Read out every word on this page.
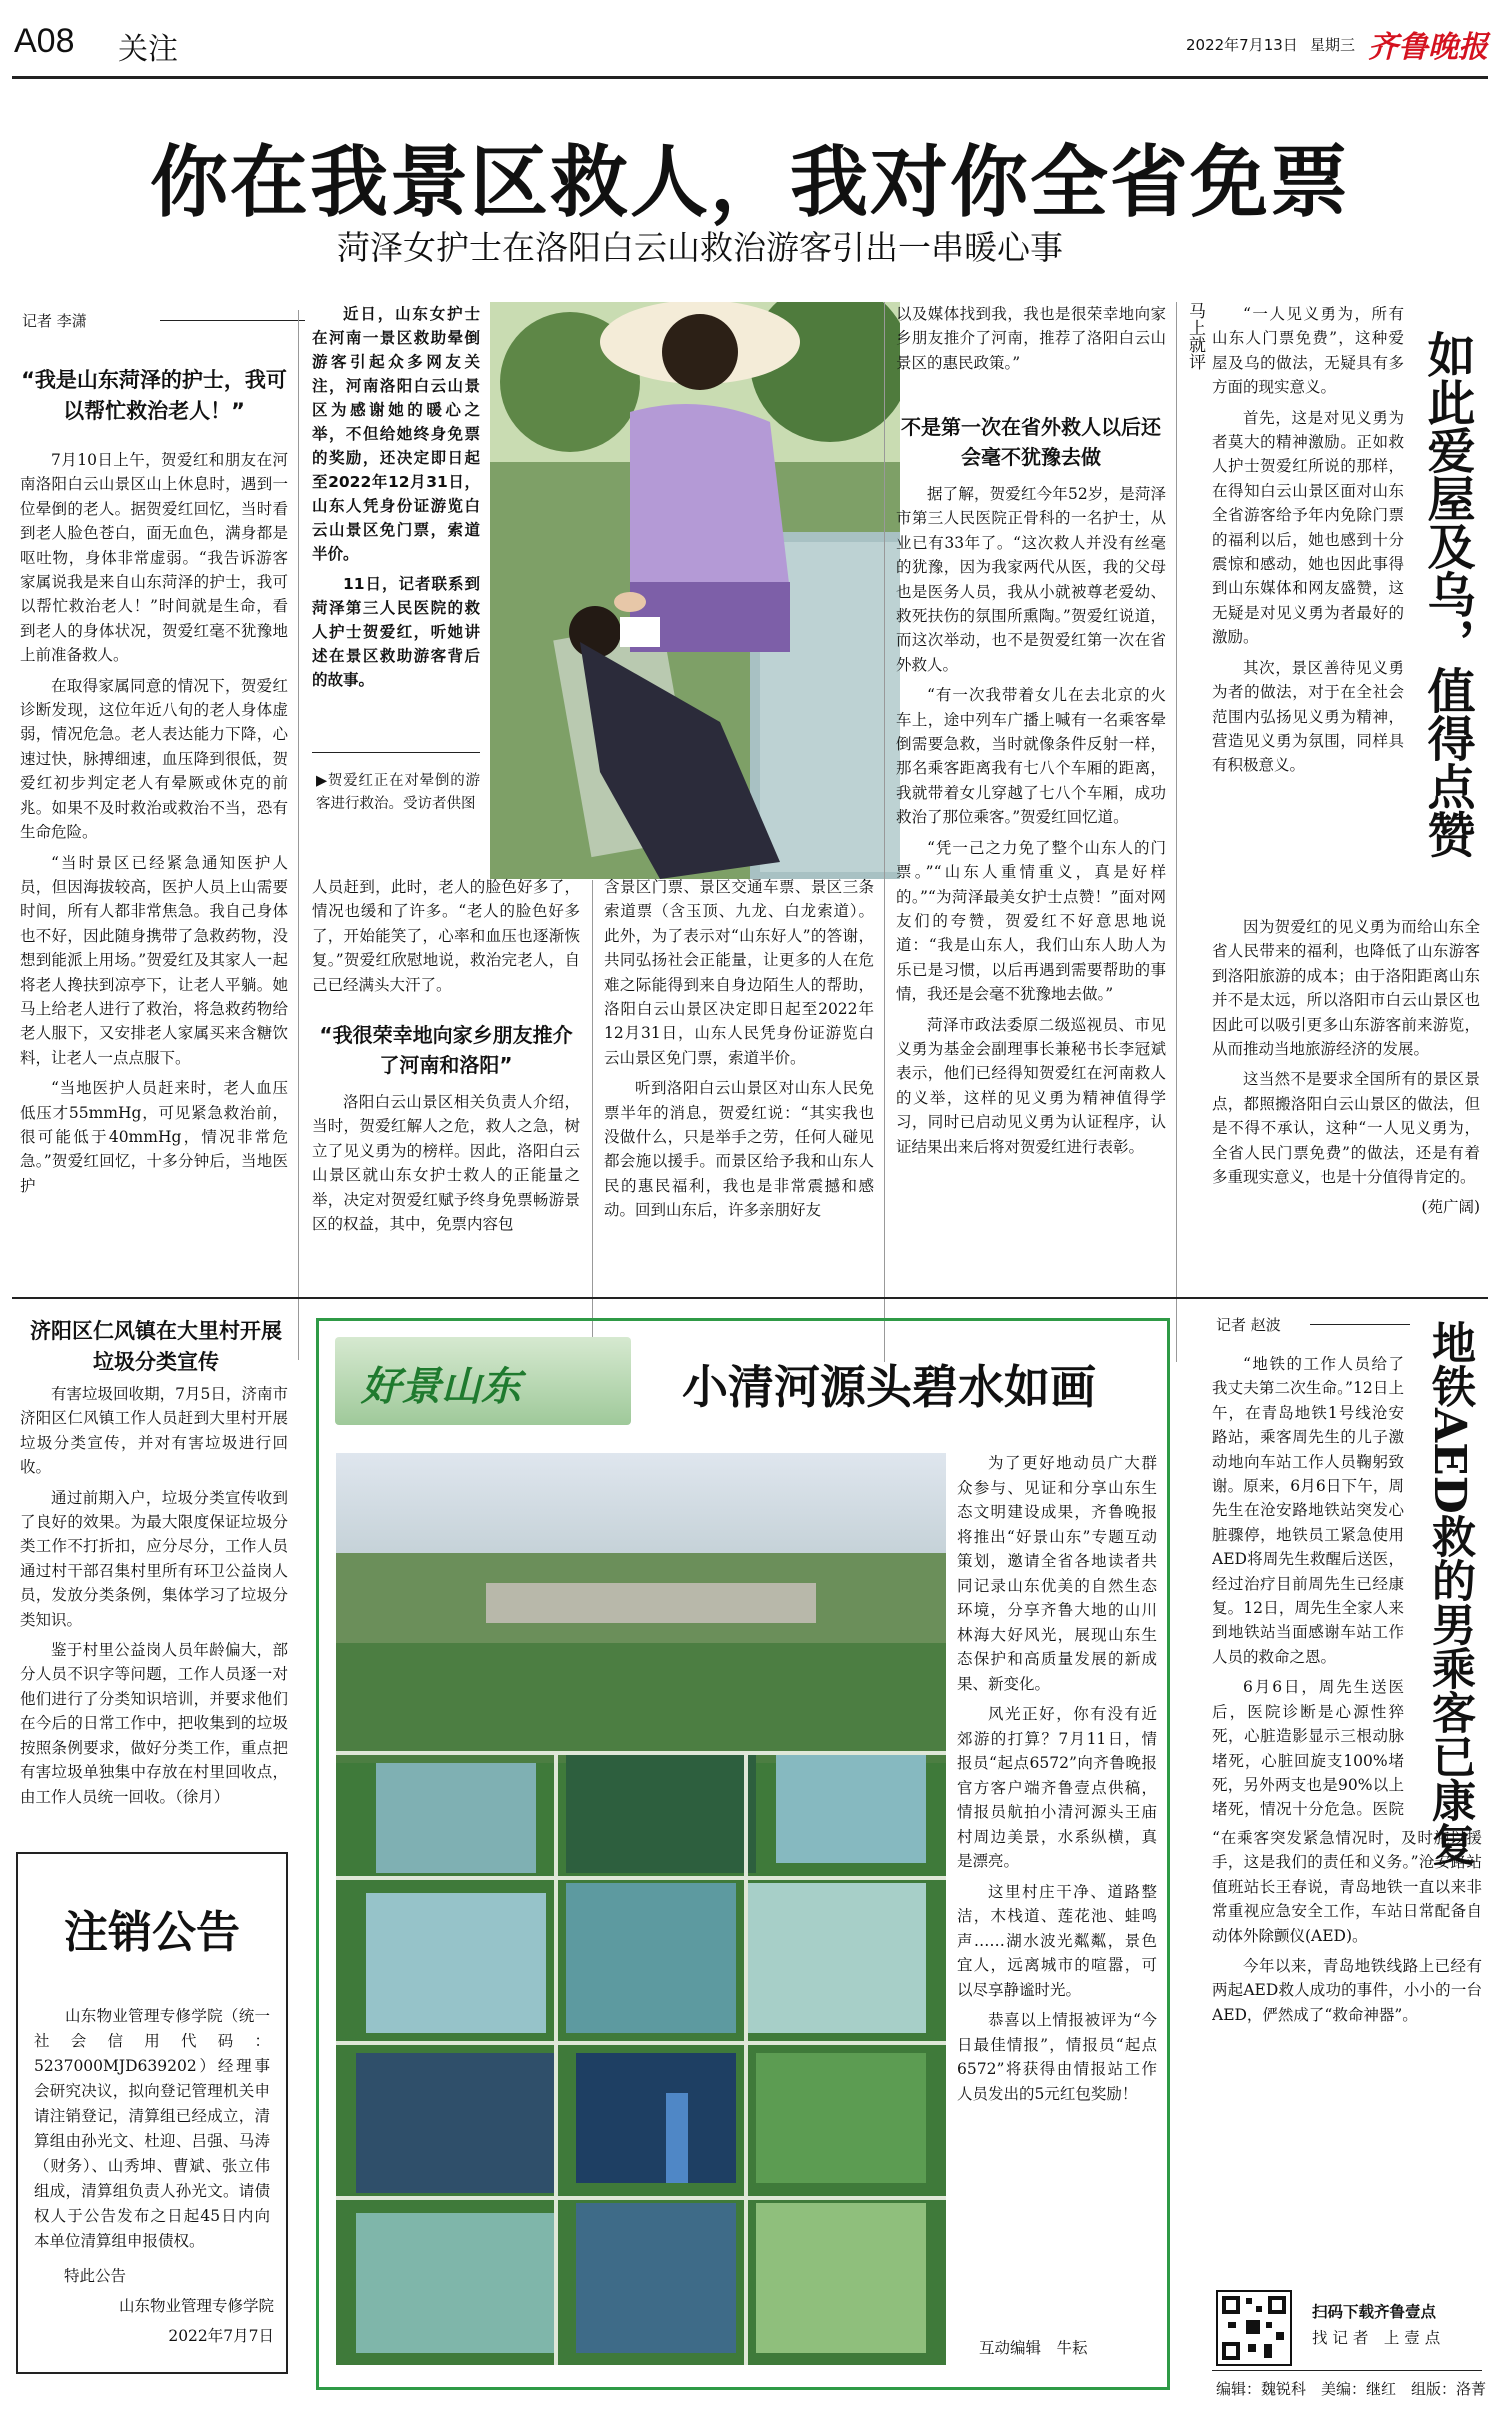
A08 关注	2022年7月13日 星期三 齐鲁晚报
你在我景区救人，我对你全省免票
菏泽女护士在洛阳白云山救治游客引出一串暖心事
记者 李潇
“我是山东菏泽的护士，我可以帮忙救治老人！”

7月10日上午，贺爱红和朋友在河南洛阳白云山景区山上休息时，遇到一位晕倒的老人。据贺爱红回忆，当时看到老人脸色苍白，面无血色，满身都是呕吐物，身体非常虚弱。“我告诉游客家属说我是来自山东菏泽的护士，我可以帮忙救治老人！”时间就是生命，看到老人的身体状况，贺爱红毫不犹豫地上前准备救人。

在取得家属同意的情况下，贺爱红诊断发现，这位年近八旬的老人身体虚弱，情况危急。老人表达能力下降，心速过快，脉搏细速，血压降到很低，贺爱红初步判定老人有晕厥或休克的前兆。如果不及时救治或救治不当，恐有生命危险。

“当时景区已经紧急通知医护人员，但因海拔较高，医护人员上山需要时间，所有人都非常焦急。我自己身体也不好，因此随身携带了急救药物，没想到能派上用场。”贺爱红及其家人一起将老人搀扶到凉亭下，让老人平躺。她马上给老人进行了救治，将急救药物给老人服下，又安排老人家属买来含糖饮料，让老人一点点服下。

“当地医护人员赶来时，老人血压低压才55mmHg，可见紧急救治前，很可能低于40mmHg，情况非常危急。”贺爱红回忆，十多分钟后，当地医护

近日，山东女护士在河南一景区救助晕倒游客引起众多网友关注，河南洛阳白云山景区为感谢她的暖心之举，不但给她终身免票的奖励，还决定即日起至2022年12月31日，山东人凭身份证游览白云山景区免门票，索道半价。

11日，记者联系到菏泽第三人民医院的救人护士贺爱红，听她讲述在景区救助游客背后的故事。

▶贺爱红正在对晕倒的游客进行救治。受访者供图

人员赶到，此时，老人的脸色好多了，情况也缓和了许多。“老人的脸色好多了，开始能笑了，心率和血压也逐渐恢复。”贺爱红欣慰地说，救治完老人，自己已经满头大汗了。

“我很荣幸地向家乡朋友推介了河南和洛阳”

洛阳白云山景区相关负责人介绍，当时，贺爱红解人之危，救人之急，树立了见义勇为的榜样。因此，洛阳白云山景区就山东女护士救人的正能量之举，决定对贺爱红赋予终身免票畅游景区的权益，其中，免票内容包

含景区门票、景区交通车票、景区三条索道票（含玉顶、九龙、白龙索道）。此外，为了表示对“山东好人”的答谢，共同弘扬社会正能量，让更多的人在危难之际能得到来自身边陌生人的帮助，洛阳白云山景区决定即日起至2022年12月31日，山东人民凭身份证游览白云山景区免门票，索道半价。

听到洛阳白云山景区对山东人民免票半年的消息，贺爱红说：“其实我也没做什么，只是举手之劳，任何人碰见都会施以援手。而景区给予我和山东人民的惠民福利，我也是非常震撼和感动。回到山东后，许多亲朋好友

以及媒体找到我，我也是很荣幸地向家乡朋友推介了河南，推荐了洛阳白云山景区的惠民政策。”

不是第一次在省外救人以后还会毫不犹豫去做

据了解，贺爱红今年52岁，是菏泽市第三人民医院正骨科的一名护士，从业已有33年了。“这次救人并没有丝毫的犹豫，因为我家两代从医，我的父母也是医务人员，我从小就被尊老爱幼、救死扶伤的氛围所熏陶。”贺爱红说道，而这次举动，也不是贺爱红第一次在省外救人。

“有一次我带着女儿在去北京的火车上，途中列车广播上喊有一名乘客晕倒需要急救，当时就像条件反射一样，那名乘客距离我有七八个车厢的距离，我就带着女儿穿越了七八个车厢，成功救治了那位乘客。”贺爱红回忆道。

“凭一己之力免了整个山东人的门票。”“山东人重情重义，真是好样的。”“为菏泽最美女护士点赞！”面对网友们的夸赞，贺爱红不好意思地说道：“我是山东人，我们山东人助人为乐已是习惯，以后再遇到需要帮助的事情，我还是会毫不犹豫地去做。”

菏泽市政法委原二级巡视员、市见义勇为基金会副理事长兼秘书长李冠斌表示，他们已经得知贺爱红在河南救人的义举，这样的见义勇为精神值得学习，同时已启动见义勇为认证程序，认证结果出来后将对贺爱红进行表彰。

马上就评	“一人见义勇为，所有山东人门票免费”，这种爱屋及乌的做法，无疑具有多方面的现实意义。

首先，这是对见义勇为者莫大的精神激励。正如救人护士贺爱红所说的那样，在得知白云山景区面对山东全省游客给予年内免除门票的福利以后，她也感到十分震惊和感动，她也因此事得到山东媒体和网友盛赞，这无疑是对见义勇为者最好的激励。

其次，景区善待见义勇为者的做法，对于在全社会范围内弘扬见义勇为精神，营造见义勇为氛围，同样具有积极意义。	如此爱屋及乌，值得点赞

因为贺爱红的见义勇为而给山东全省人民带来的福利，也降低了山东游客到洛阳旅游的成本；由于洛阳距离山东并不是太远，所以洛阳市白云山景区也因此可以吸引更多山东游客前来游览，从而推动当地旅游经济的发展。

这当然不是要求全国所有的景区景点，都照搬洛阳白云山景区的做法，但是不得不承认，这种“一人见义勇为，全省人民门票免费”的做法，还是有着多重现实意义，也是十分值得肯定的。

(苑广阔)
济阳区仁风镇在大里村开展垃圾分类宣传

有害垃圾回收期，7月5日，济南市济阳区仁风镇工作人员赶到大里村开展垃圾分类宣传，并对有害垃圾进行回收。

通过前期入户，垃圾分类宣传收到了良好的效果。为最大限度保证垃圾分类工作不打折扣，应分尽分，工作人员通过村干部召集村里所有环卫公益岗人员，发放分类条例，集体学习了垃圾分类知识。

鉴于村里公益岗人员年龄偏大，部分人员不识字等问题，工作人员逐一对他们进行了分类知识培训，并要求他们在今后的日常工作中，把收集到的垃圾按照条例要求，做好分类工作，重点把有害垃圾单独集中存放在村里回收点，由工作人员统一回收。（徐月）

注销公告
山东物业管理专修学院（统一社会信用代码：5237000MJD639202）经理事会研究决议，拟向登记管理机关申请注销登记，清算组已经成立，清算组由孙光文、杜迎、吕强、马涛（财务）、山秀坤、曹斌、张立伟组成，清算组负责人孙光文。请债权人于公告发布之日起45日内向本单位清算组申报债权。
特此公告
山东物业管理专修学院
2022年7月7日
好景山东	小清河源头碧水如画

为了更好地动员广大群众参与、见证和分享山东生态文明建设成果，齐鲁晚报将推出“好景山东”专题互动策划，邀请全省各地读者共同记录山东优美的自然生态环境，分享齐鲁大地的山川林海大好风光，展现山东生态保护和高质量发展的新成果、新变化。

风光正好，你有没有近郊游的打算？7月11日，情报员“起点6572”向齐鲁晚报官方客户端齐鲁壹点供稿，情报员航拍小清河源头王庙村周边美景，水系纵横，真是漂亮。

这里村庄干净、道路整洁，木栈道、莲花池、蛙鸣声……湖水波光粼粼，景色宜人，远离城市的喧嚣，可以尽享静谧时光。

恭喜以上情报被评为“今日最佳情报”，情报员“起点6572”将获得由情报站工作人员发出的5元红包奖励！

互动编辑　牛耘
记者 赵波

“地铁的工作人员给了我丈夫第二次生命。”12日上午，在青岛地铁1号线沧安路站，乘客周先生的儿子激动地向车站工作人员鞠躬致谢。原来，6月6日下午，周先生在沧安路地铁站突发心脏骤停，地铁员工紧急使用AED将周先生救醒后送医，经过治疗目前周先生已经康复。12日，周先生全家人来到地铁站当面感谢车站工作人员的救命之恩。

6月6日，周先生送医后，医院诊断是心源性猝死，心脏造影显示三根动脉堵死，心脏回旋支100%堵死，另外两支也是90%以上堵死，情况十分危急。医院 地铁AED救的男乘客已康复

“在乘客突发紧急情况时，及时施以援手，这是我们的责任和义务。”沧安路站值班站长王春说，青岛地铁一直以来非常重视应急安全工作，车站日常配备自动体外除颤仪(AED)。

今年以来，青岛地铁线路上已经有两起AED救人成功的事件，小小的一台AED，俨然成了“救命神器”。

扫码下载齐鲁壹点
找 记 者　上 壹 点
编辑：魏锐科　美编：继红　组版：洛菁
